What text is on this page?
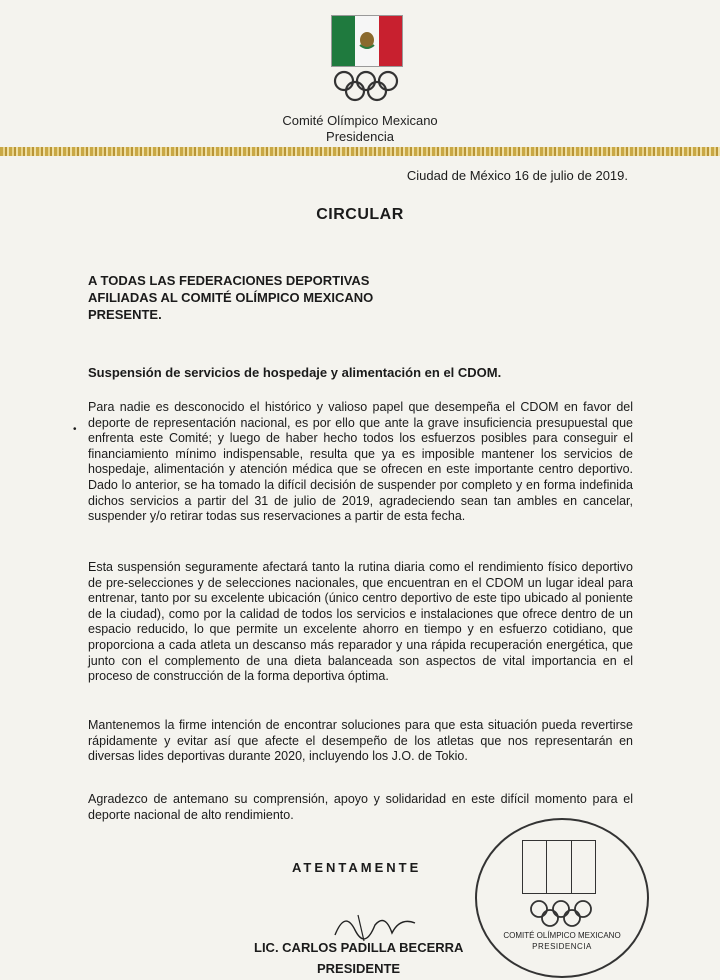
Comité Olímpico Mexicano
Presidencia
Ciudad de México 16 de julio de 2019.
CIRCULAR
A TODAS LAS FEDERACIONES DEPORTIVAS
AFILIADAS AL COMITÉ OLÍMPICO MEXICANO
PRESENTE.
Suspensión de servicios de hospedaje y alimentación en el CDOM.
•
Para nadie es desconocido el histórico y valioso papel que desempeña el CDOM en favor del deporte de representación nacional, es por ello que ante la grave insuficiencia presupuestal que enfrenta este Comité; y luego de haber hecho todos los esfuerzos posibles para conseguir el financiamiento mínimo indispensable, resulta que ya es imposible mantener los servicios de hospedaje, alimentación y atención médica que se ofrecen en este importante centro deportivo. Dado lo anterior, se ha tomado la difícil decisión de suspender por completo y en forma indefinida dichos servicios a partir del 31 de julio de 2019, agradeciendo sean tan ambles en cancelar, suspender y/o retirar todas sus reservaciones a partir de esta fecha.
Esta suspensión seguramente afectará tanto la rutina diaria como el rendimiento físico deportivo de pre-selecciones y de selecciones nacionales, que encuentran en el CDOM un lugar ideal para entrenar, tanto por su excelente ubicación (único centro deportivo de este tipo ubicado al poniente de la ciudad), como por la calidad de todos los servicios e instalaciones que ofrece dentro de un espacio reducido, lo que permite un excelente ahorro en tiempo y en esfuerzo cotidiano, que proporciona a cada atleta un descanso más reparador y una rápida recuperación energética, que junto con el complemento de una dieta balanceada son aspectos de vital importancia en el proceso de construcción de la forma deportiva óptima.
Mantenemos la firme intención de encontrar soluciones para que esta situación pueda revertirse rápidamente y evitar así que afecte el desempeño de los atletas que nos representarán en diversas lides deportivas durante 2020, incluyendo los J.O. de Tokio.
Agradezco de antemano su comprensión, apoyo y solidaridad en este difícil momento para el deporte nacional de alto rendimiento.
ATENTAMENTE
LIC. CARLOS PADILLA BECERRA
PRESIDENTE
COMITÉ OLÍMPICO MEXICANO
PRESIDENCIA
